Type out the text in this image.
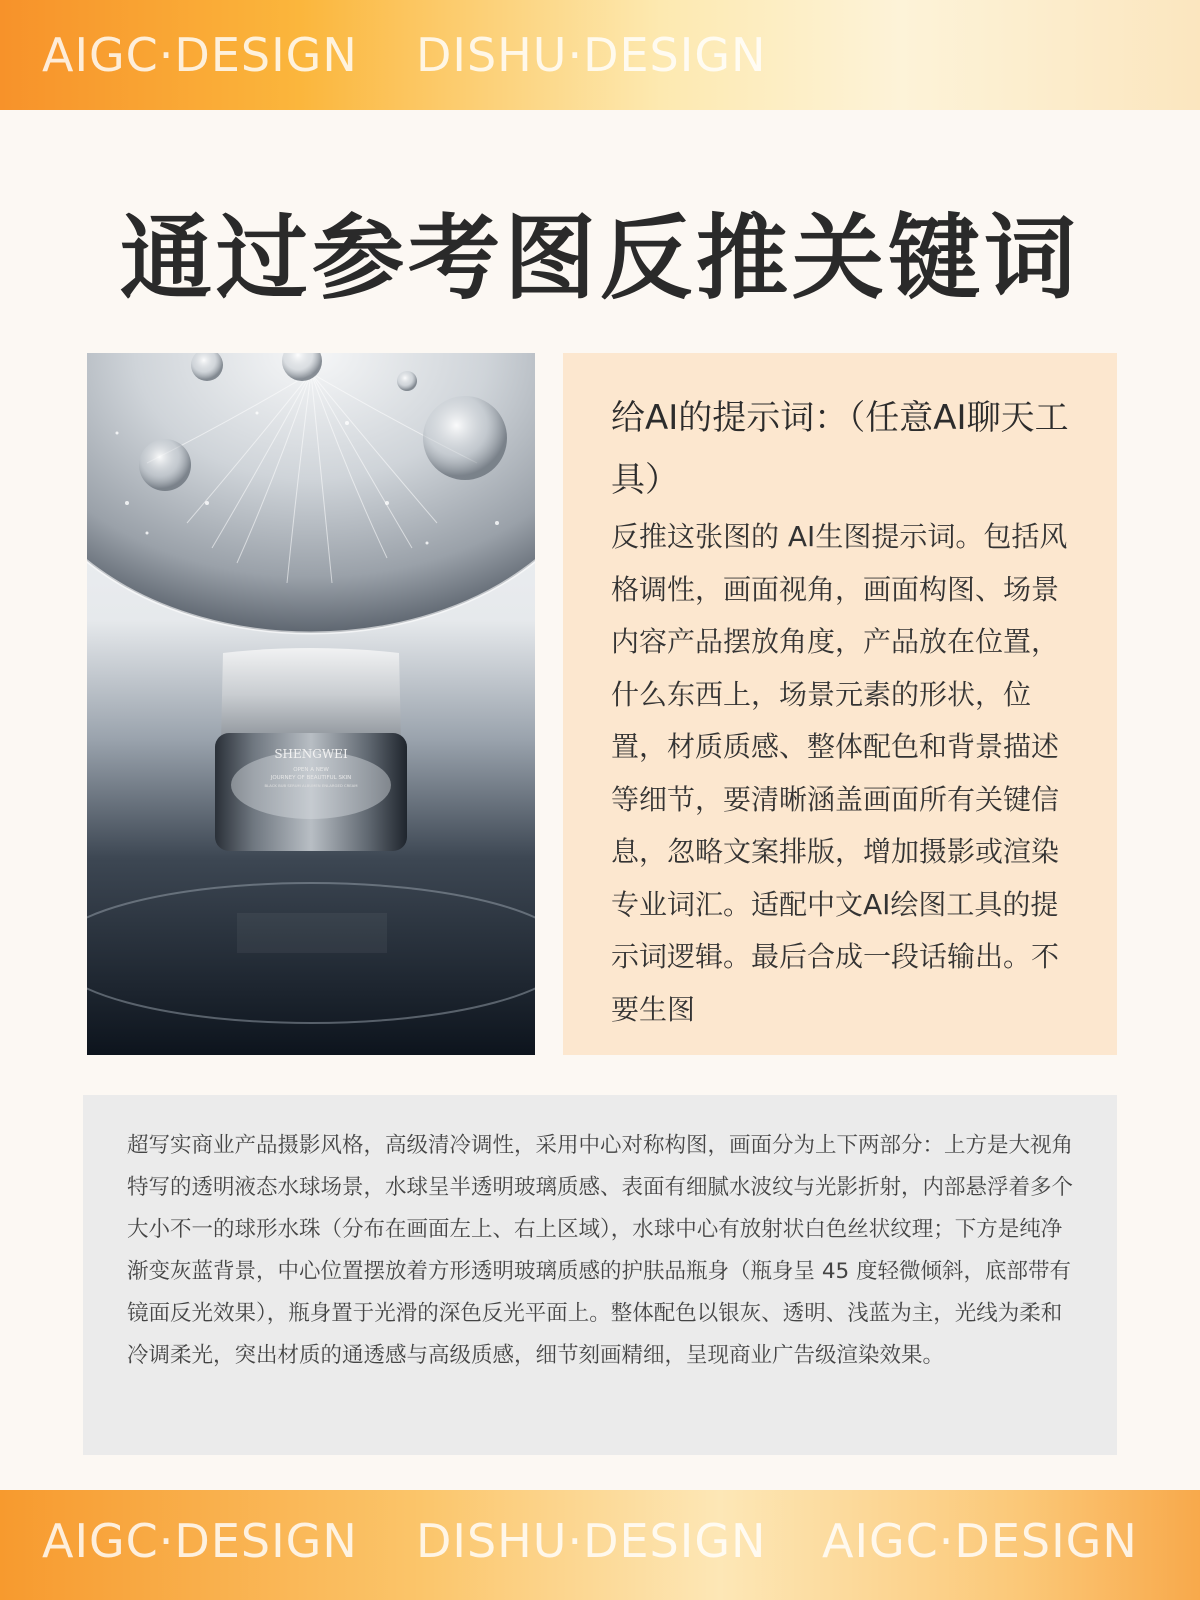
AIGC·DESIGN DISHU·DESIGN
通过参考图反推关键词
SHENGWEI
OPEN A NEW
JOURNEY OF BEAUTIFUL SKIN
BLACK BUB SERUM ALBUMEN ENLARGED CREAM
给AI的提示词：（任意AI聊天工具）
反推这张图的 AI生图提示词。包括风格调性，画面视角，画面构图、场景内容产品摆放角度，产品放在位置，什么东西上，场景元素的形状，位置，材质质感、整体配色和背景描述等细节，要清晰涵盖画面所有关键信息，忽略文案排版，增加摄影或渲染专业词汇。适配中文AI绘图工具的提示词逻辑。最后合成一段话输出。不要生图
超写实商业产品摄影风格，高级清冷调性，采用中心对称构图，画面分为上下两部分：上方是大视角特写的透明液态水球场景，水球呈半透明玻璃质感、表面有细腻水波纹与光影折射，内部悬浮着多个大小不一的球形水珠（分布在画面左上、右上区域），水球中心有放射状白色丝状纹理；下方是纯净渐变灰蓝背景，中心位置摆放着方形透明玻璃质感的护肤品瓶身（瓶身呈 45 度轻微倾斜，底部带有镜面反光效果），瓶身置于光滑的深色反光平面上。整体配色以银灰、透明、浅蓝为主，光线为柔和冷调柔光，突出材质的通透感与高级质感，细节刻画精细，呈现商业广告级渲染效果。
AIGC·DESIGN DISHU·DESIGN AIGC·DESIGN
